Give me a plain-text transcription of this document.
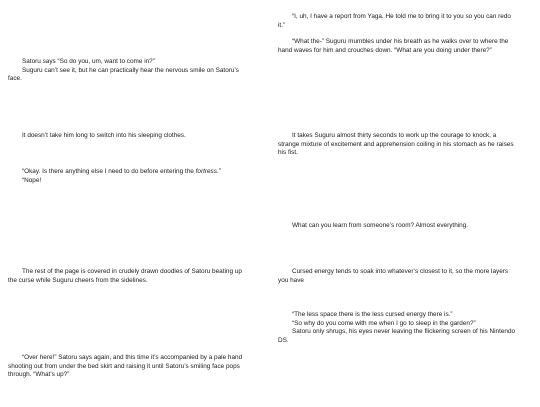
Satoru says “So do you, um, want to come in?”

Suguru can’t see it, but he can practically hear the nervous smile on Satoru’s face.

It doesn’t take him long to switch into his sleeping clothes.

“Okay. Is there anything else I need to do before entering the fortress.”

“Nope!

The rest of the page is covered in crudely drawn doodles of Satoru beating up the curse while Suguru cheers from the sidelines.

“Over here!” Satoru says again, and this time it’s accompanied by a pale hand shooting out from under the bed skirt and raising it until Satoru’s smiling face pops through. “What’s up?”

“I, uh, I have a report from Yaga. He told me to bring it to you so you can redo it.”

“What the-” Suguru mumbles under his breath as he walks over to where the hand waves for him and crouches down. “What are you doing under there?”

It takes Suguru almost thirty seconds to work up the courage to knock, a strange mixture of excitement and apprehension coiling in his stomach as he raises his fist.

What can you learn from someone’s room? Almost everything.

Cursed energy tends to soak into whatever’s closest to it, so the more layers you have

“The less space there is the less cursed energy there is.”

“So why do you come with me when I go to sleep in the garden?”

Satoru only shrugs, his eyes never leaving the flickering screen of his Nintendo DS.
